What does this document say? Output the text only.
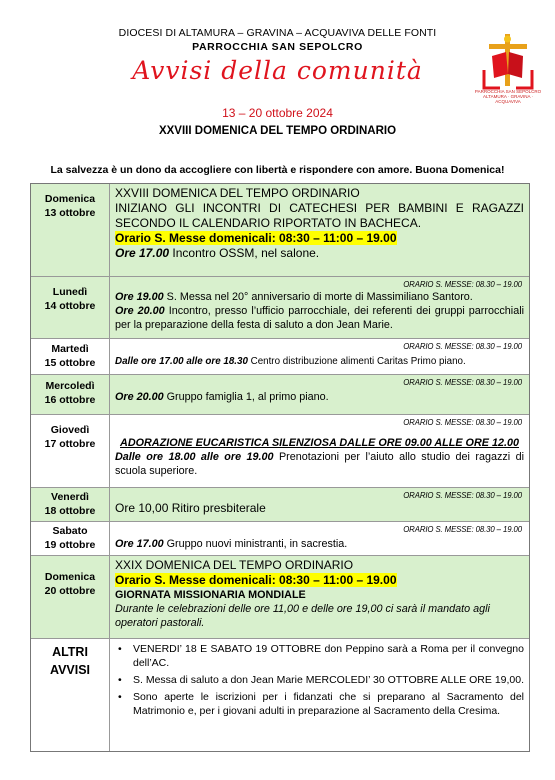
DIOCESI DI ALTAMURA – GRAVINA – ACQUAVIVA DELLE FONTI
PARROCCHIA SAN SEPOLCRO
Avvisi della comunità
13 – 20 ottobre 2024
XXVIII DOMENICA DEL TEMPO ORDINARIO
La salvezza è un dono da accogliere con libertà e rispondere con amore. Buona Domenica!
PARROCCHIA SAN SEPOLCRO
ALTAMURA · GRAVINA · ACQUAVIVA
Domenica
13 ottobre
XXVIII DOMENICA DEL TEMPO ORDINARIO
INIZIANO GLI INCONTRI DI CATECHESI PER BAMBINI E RAGAZZI SECONDO IL CALENDARIO RIPORTATO IN BACHECA.
Orario S. Messe domenicali: 08:30 – 11:00 – 19.00
Ore 17.00 Incontro OSSM, nel salone.
Lunedì
14 ottobre
ORARIO S. MESSE: 08.30 – 19.00
Ore 19.00 S. Messa nel 20° anniversario di morte di Massimiliano Santoro.
Ore 20.00 Incontro, presso l’ufficio parrocchiale, dei referenti dei gruppi parrocchiali per la preparazione della festa di saluto a don Jean Marie.
Martedì
15 ottobre
ORARIO S. MESSE: 08.30 – 19.00
Dalle ore 17.00 alle ore 18.30 Centro distribuzione alimenti Caritas Primo piano.
Mercoledì
16 ottobre
ORARIO S. MESSE: 08.30 – 19.00
Ore 20.00 Gruppo famiglia 1, al primo piano.
Giovedì
17 ottobre
ORARIO S. MESSE: 08.30 – 19.00
ADORAZIONE EUCARISTICA SILENZIOSA DALLE ORE 09.00 ALLE ORE 12.00
Dalle ore 18.00 alle ore 19.00 Prenotazioni per l’aiuto allo studio dei ragazzi di scuola superiore.
Venerdì
18 ottobre
ORARIO S. MESSE: 08.30 – 19.00
Ore 10,00 Ritiro presbiterale
Sabato
19 ottobre
ORARIO S. MESSE: 08.30 – 19.00
Ore 17.00 Gruppo nuovi ministranti, in sacrestia.
Domenica
20 ottobre
XXIX DOMENICA DEL TEMPO ORDINARIO
Orario S. Messe domenicali: 08:30 – 11:00 – 19.00
GIORNATA MISSIONARIA MONDIALE
Durante le celebrazioni delle ore 11,00 e delle ore 19,00 ci sarà il mandato agli operatori pastorali.
ALTRI
AVVISI
• VENERDI’ 18 E SABATO 19 OTTOBRE don Peppino sarà a Roma per il convegno dell’AC.
• S. Messa di saluto a don Jean Marie MERCOLEDI’ 30 OTTOBRE ALLE ORE 19,00.
• Sono aperte le iscrizioni per i fidanzati che si preparano al Sacramento del Matrimonio e, per i giovani adulti in preparazione al Sacramento della Cresima.
